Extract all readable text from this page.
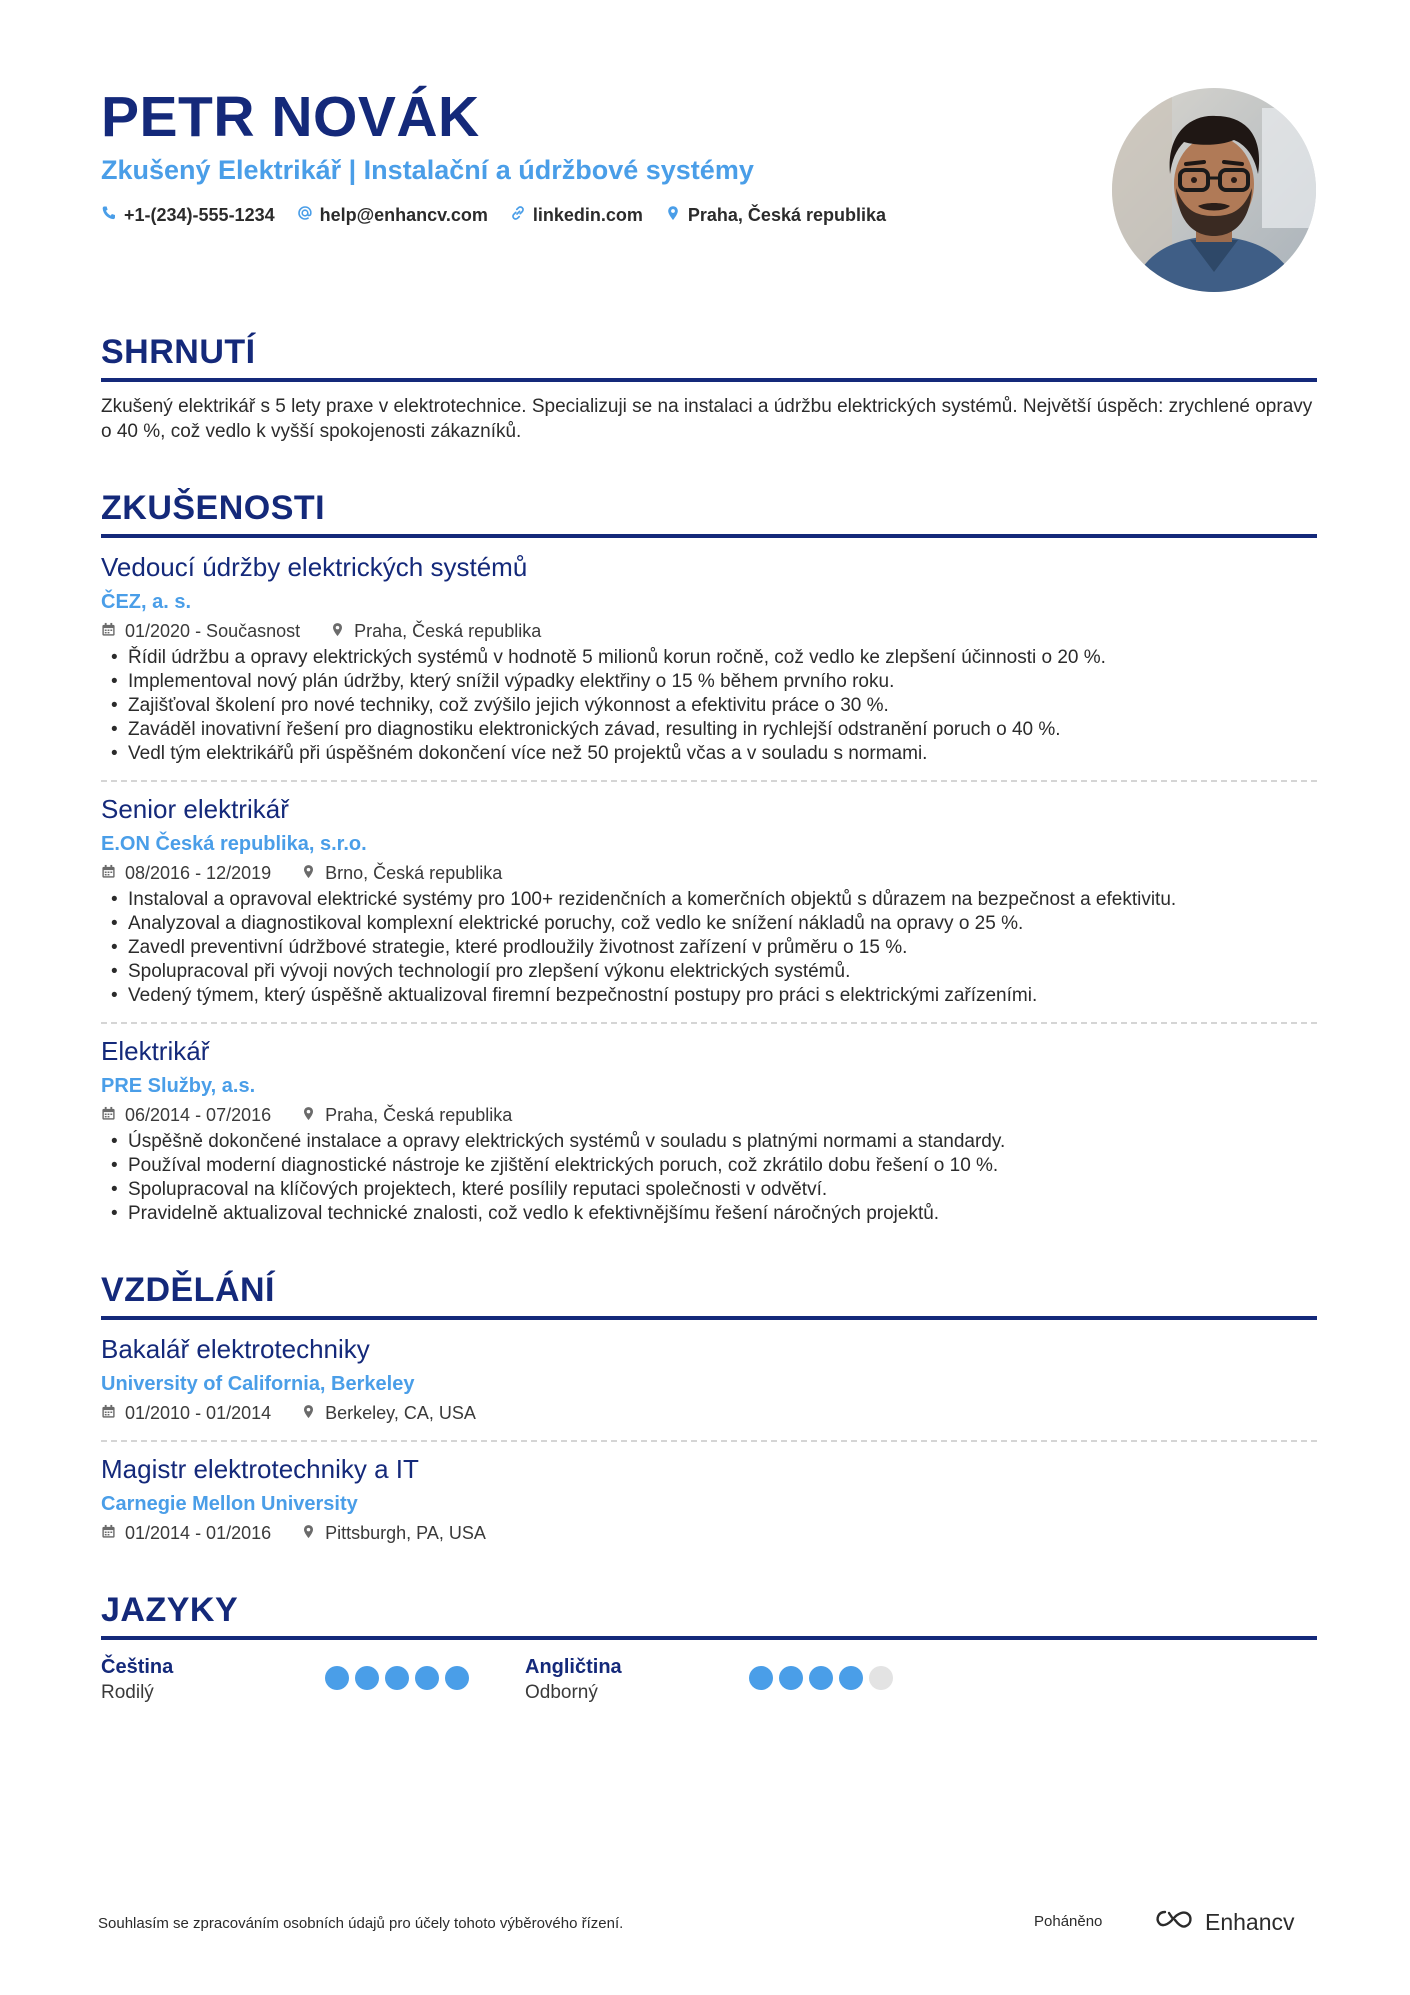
PETR NOVÁK
Zkušený Elektrikář | Instalační a údržbové systémy
+1-(234)-555-1234	help@enhancv.com	linkedin.com	Praha, Česká republika
SHRNUTÍ
Zkušený elektrikář s 5 lety praxe v elektrotechnice. Specializuji se na instalaci a údržbu elektrických systémů. Největší úspěch: zrychlené opravy o 40 %, což vedlo k vyšší spokojenosti zákazníků.
ZKUŠENOSTI
Vedoucí údržby elektrických systémů
ČEZ, a. s.
01/2020 - Současnost	Praha, Česká republika
• Řídil údržbu a opravy elektrických systémů v hodnotě 5 milionů korun ročně, což vedlo ke zlepšení účinnosti o 20 %.
• Implementoval nový plán údržby, který snížil výpadky elektřiny o 15 % během prvního roku.
• Zajišťoval školení pro nové techniky, což zvýšilo jejich výkonnost a efektivitu práce o 30 %.
• Zaváděl inovativní řešení pro diagnostiku elektronických závad, resulting in rychlejší odstranění poruch o 40 %.
• Vedl tým elektrikářů při úspěšném dokončení více než 50 projektů včas a v souladu s normami.
Senior elektrikář
E.ON Česká republika, s.r.o.
08/2016 - 12/2019	Brno, Česká republika
• Instaloval a opravoval elektrické systémy pro 100+ rezidenčních a komerčních objektů s důrazem na bezpečnost a efektivitu.
• Analyzoval a diagnostikoval komplexní elektrické poruchy, což vedlo ke snížení nákladů na opravy o 25 %.
• Zavedl preventivní údržbové strategie, které prodloužily životnost zařízení v průměru o 15 %.
• Spolupracoval při vývoji nových technologií pro zlepšení výkonu elektrických systémů.
• Vedený týmem, který úspěšně aktualizoval firemní bezpečnostní postupy pro práci s elektrickými zařízeními.
Elektrikář
PRE Služby, a.s.
06/2014 - 07/2016	Praha, Česká republika
• Úspěšně dokončené instalace a opravy elektrických systémů v souladu s platnými normami a standardy.
• Používal moderní diagnostické nástroje ke zjištění elektrických poruch, což zkrátilo dobu řešení o 10 %.
• Spolupracoval na klíčových projektech, které posílily reputaci společnosti v odvětví.
• Pravidelně aktualizoval technické znalosti, což vedlo k efektivnějšímu řešení náročných projektů.
VZDĚLÁNÍ
Bakalář elektrotechniky
University of California, Berkeley
01/2010 - 01/2014	Berkeley, CA, USA
Magistr elektrotechniky a IT
Carnegie Mellon University
01/2014 - 01/2016	Pittsburgh, PA, USA
JAZYKY
Čeština
Rodilý
Angličtina
Odborný
Souhlasím se zpracováním osobních údajů pro účely tohoto výběrového řízení.	Poháněno	Enhancv
